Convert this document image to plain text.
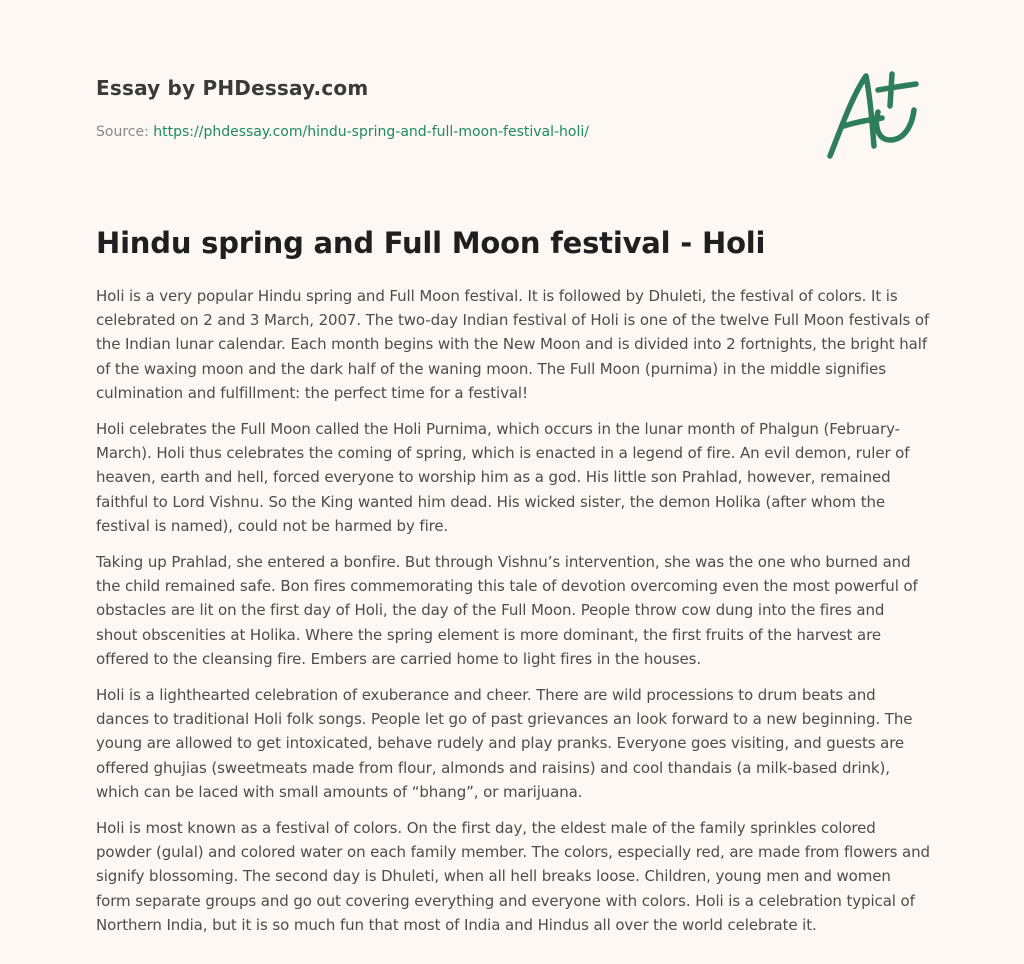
Essay by PHDessay.com
Source: https://phdessay.com/hindu-spring-and-full-moon-festival-holi/
Hindu spring and Full Moon festival - Holi

Holi is a very popular Hindu spring and Full Moon festival. It is followed by Dhuleti, the festival of colors. It is celebrated on 2 and 3 March, 2007. The two-day Indian festival of Holi is one of the twelve Full Moon festivals of the Indian lunar calendar. Each month begins with the New Moon and is divided into 2 fortnights, the bright half of the waxing moon and the dark half of the waning moon. The Full Moon (purnima) in the middle signifies culmination and fulfillment: the perfect time for a festival!

Holi celebrates the Full Moon called the Holi Purnima, which occurs in the lunar month of Phalgun (February-March). Holi thus celebrates the coming of spring, which is enacted in a legend of fire. An evil demon, ruler of heaven, earth and hell, forced everyone to worship him as a god. His little son Prahlad, however, remained faithful to Lord Vishnu. So the King wanted him dead. His wicked sister, the demon Holika (after whom the festival is named), could not be harmed by fire.

Taking up Prahlad, she entered a bonfire. But through Vishnu’s intervention, she was the one who burned and the child remained safe. Bon fires commemorating this tale of devotion overcoming even the most powerful of obstacles are lit on the first day of Holi, the day of the Full Moon. People throw cow dung into the fires and shout obscenities at Holika. Where the spring element is more dominant, the first fruits of the harvest are offered to the cleansing fire. Embers are carried home to light fires in the houses.

Holi is a lighthearted celebration of exuberance and cheer. There are wild processions to drum beats and dances to traditional Holi folk songs. People let go of past grievances an look forward to a new beginning. The young are allowed to get intoxicated, behave rudely and play pranks. Everyone goes visiting, and guests are offered ghujias (sweetmeats made from flour, almonds and raisins) and cool thandais (a milk-based drink), which can be laced with small amounts of “bhang”, or marijuana.

Holi is most known as a festival of colors. On the first day, the eldest male of the family sprinkles colored powder (gulal) and colored water on each family member. The colors, especially red, are made from flowers and signify blossoming. The second day is Dhuleti, when all hell breaks loose. Children, young men and women form separate groups and go out covering everything and everyone with colors. Holi is a celebration typical of Northern India, but it is so much fun that most of India and Hindus all over the world celebrate it.
